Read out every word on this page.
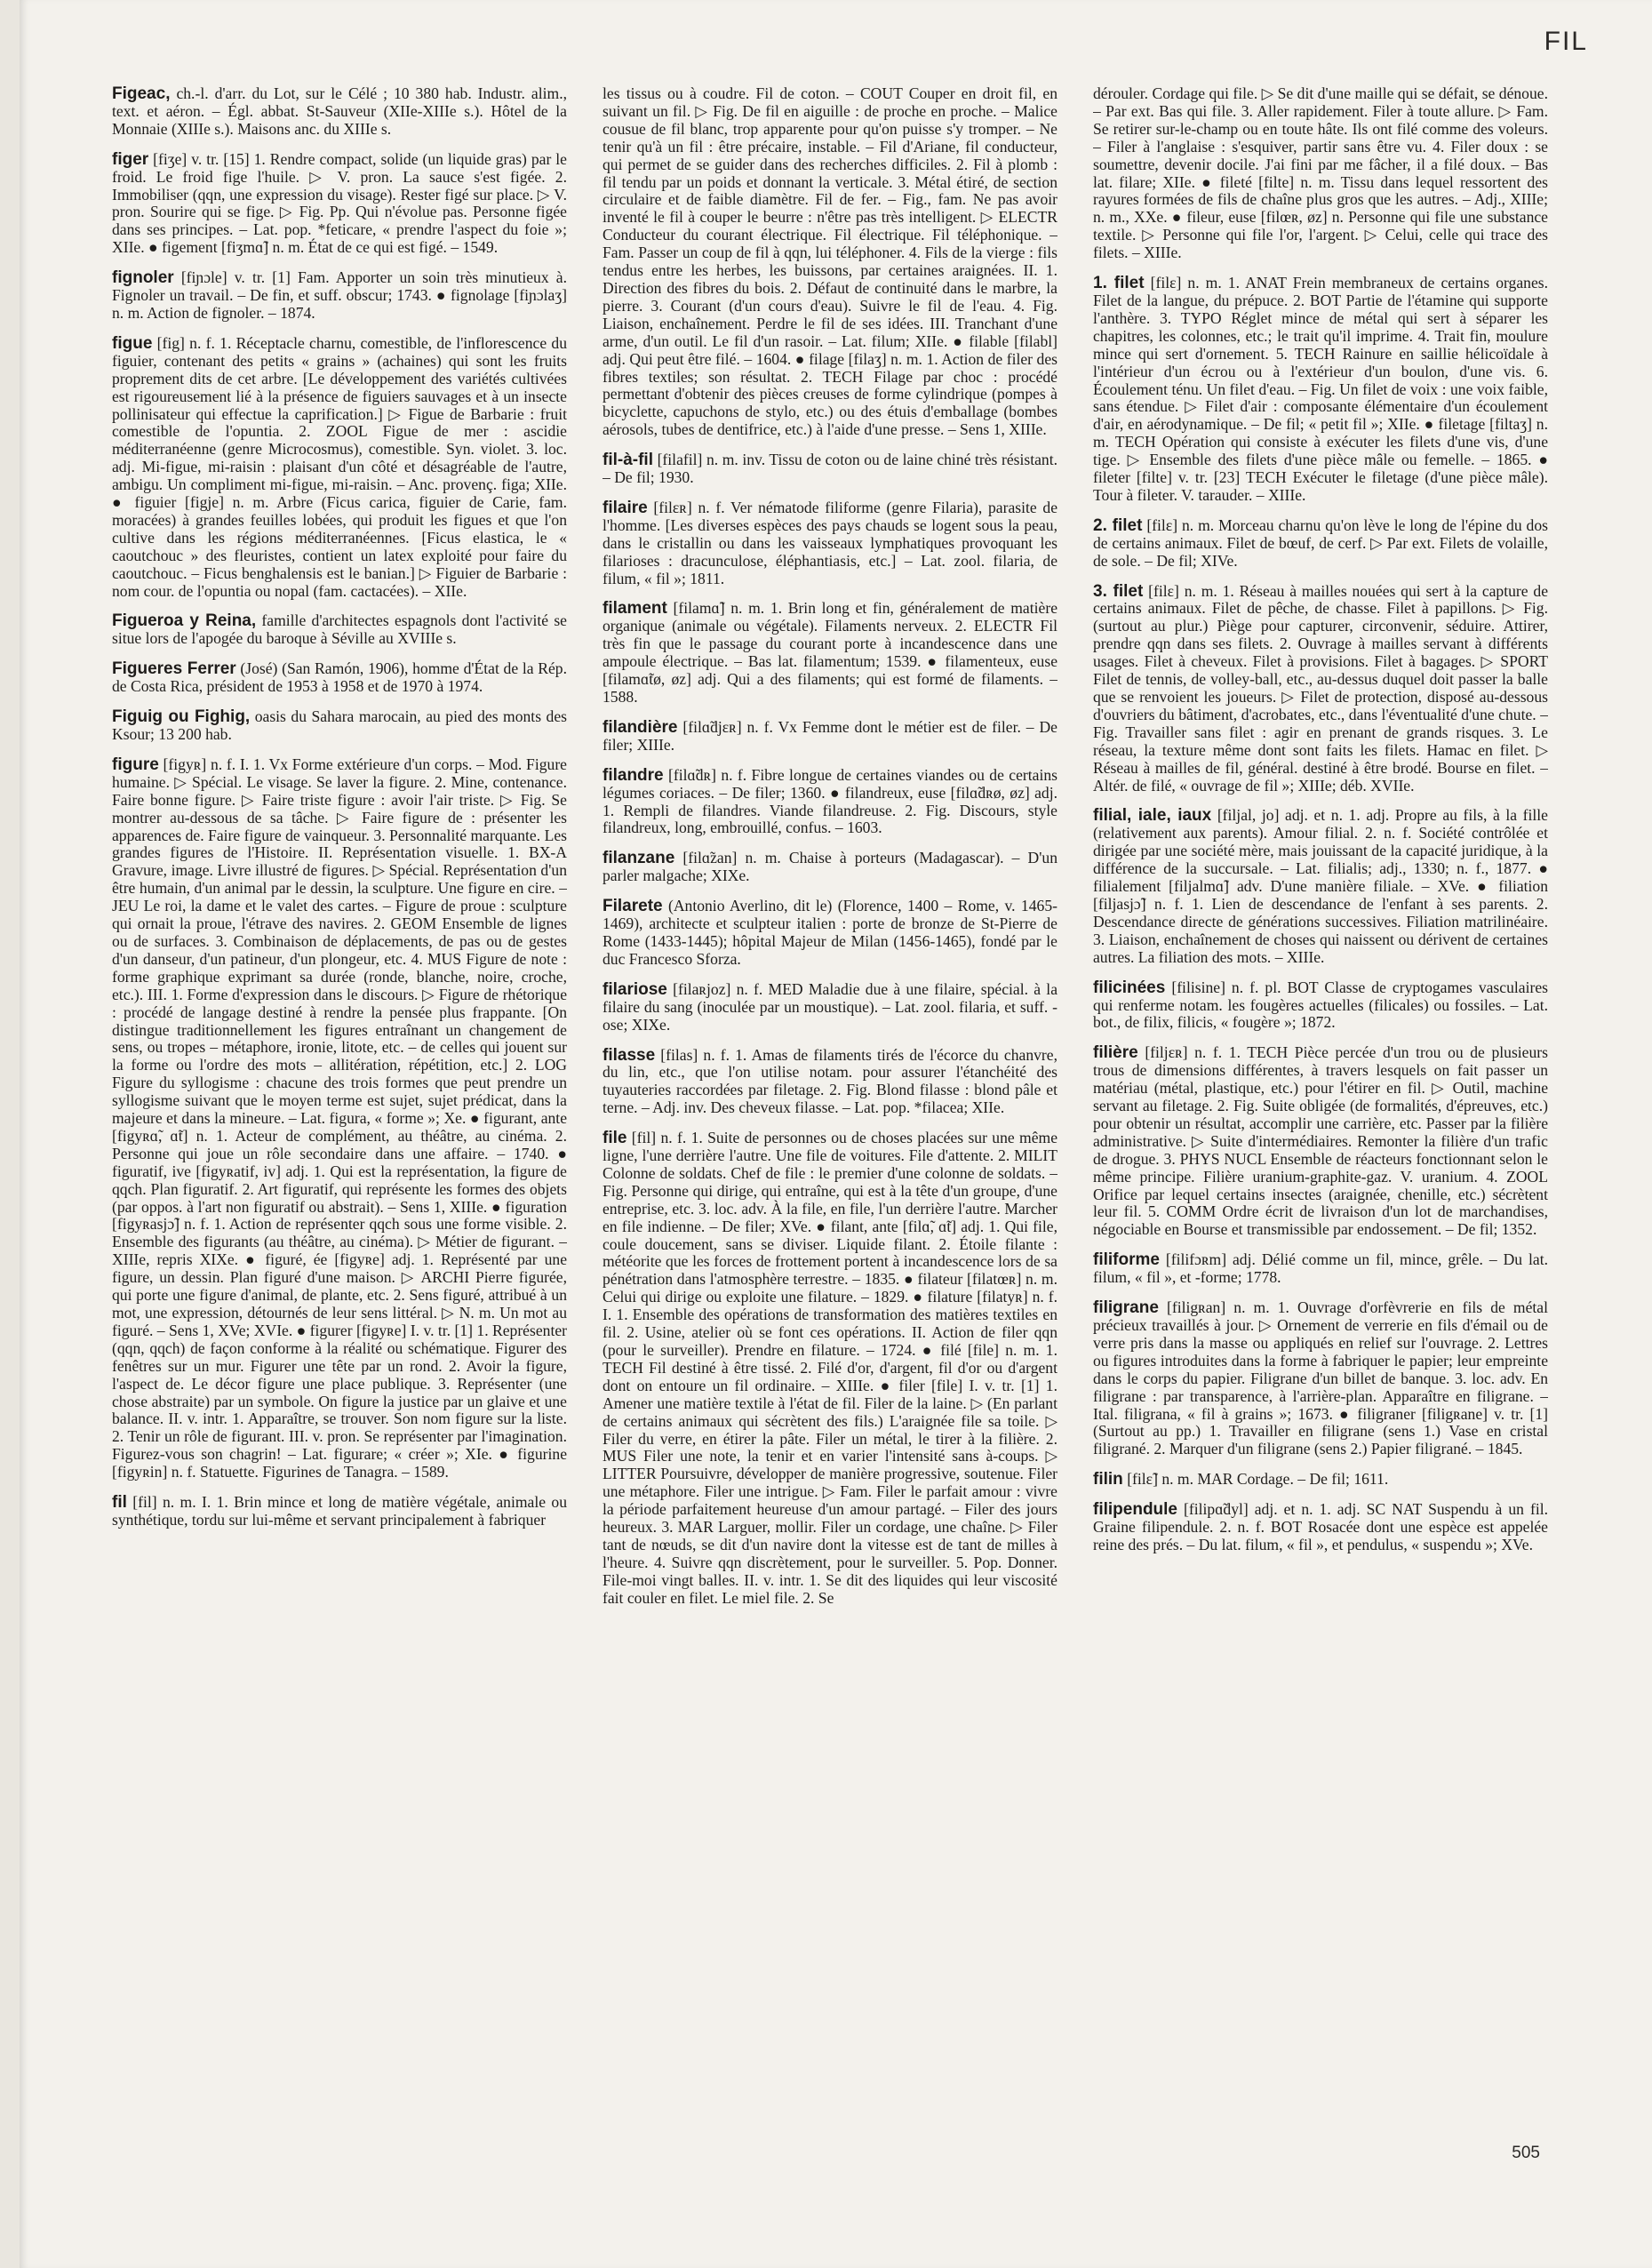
FIL

Figeac, ch.-l. d'arr. du Lot, sur le Célé ; 10 380 hab. Industr. alim., text. et aéron. – Égl. abbat. St-Sauveur (XIIe-XIIIe s.). Hôtel de la Monnaie (XIIIe s.). Maisons anc. du XIIIe s.

figer [fiʒe] v. tr. [15] 1. Rendre compact, solide (un liquide gras) par le froid. Le froid fige l'huile. ▷ V. pron. La sauce s'est figée. 2. Immobiliser (qqn, une expression du visage). Rester figé sur place. ▷ V. pron. Sourire qui se fige. ▷ Fig. Pp. Qui n'évolue pas. Personne figée dans ses principes. – Lat. pop. *feticare, « prendre l'aspect du foie »; XIIe. ● figement [fiʒmɑ̃] n. m. État de ce qui est figé. – 1549.

fignoler [fiɲɔle] v. tr. [1] Fam. Apporter un soin très minutieux à. Fignoler un travail. – De fin, et suff. obscur; 1743. ● fignolage [fiɲɔlaʒ] n. m. Action de fignoler. – 1874.

figue [fig] n. f. 1. Réceptacle charnu, comestible, de l'inflorescence du figuier, contenant des petits « grains » (achaines) qui sont les fruits proprement dits de cet arbre. [Le développement des variétés cultivées est rigoureusement lié à la présence de figuiers sauvages et à un insecte pollinisateur qui effectue la caprification.] ▷ Figue de Barbarie : fruit comestible de l'opuntia. 2. ZOOL Figue de mer : ascidie méditerranéenne (genre Microcosmus), comestible. Syn. violet. 3. loc. adj. Mi-figue, mi-raisin : plaisant d'un côté et désagréable de l'autre, ambigu. Un compliment mi-figue, mi-raisin. – Anc. provenç. figa; XIIe. ● figuier [figje] n. m. Arbre (Ficus carica, figuier de Carie, fam. moracées) à grandes feuilles lobées, qui produit les figues et que l'on cultive dans les régions méditerranéennes. [Ficus elastica, le « caoutchouc » des fleuristes, contient un latex exploité pour faire du caoutchouc. – Ficus benghalensis est le banian.] ▷ Figuier de Barbarie : nom cour. de l'opuntia ou nopal (fam. cactacées). – XIIe.

Figueroa y Reina, famille d'architectes espagnols dont l'activité se situe lors de l'apogée du baroque à Séville au XVIIIe s.

Figueres Ferrer (José) (San Ramón, 1906), homme d'État de la Rép. de Costa Rica, président de 1953 à 1958 et de 1970 à 1974.

Figuig ou Fighig, oasis du Sahara marocain, au pied des monts des Ksour; 13 200 hab.

figure [figyʀ] n. f. I. 1. Vx Forme extérieure d'un corps. – Mod. Figure humaine. ▷ Spécial. Le visage. Se laver la figure. 2. Mine, contenance. Faire bonne figure. ▷ Faire triste figure : avoir l'air triste. ▷ Fig. Se montrer au-dessous de sa tâche. ▷ Faire figure de : présenter les apparences de. Faire figure de vainqueur. 3. Personnalité marquante. Les grandes figures de l'Histoire. II. Représentation visuelle. 1. BX-A Gravure, image. Livre illustré de figures. ▷ Spécial. Représentation d'un être humain, d'un animal par le dessin, la sculpture. Une figure en cire. – JEU Le roi, la dame et le valet des cartes. – Figure de proue : sculpture qui ornait la proue, l'étrave des navires. 2. GEOM Ensemble de lignes ou de surfaces. 3. Combinaison de déplacements, de pas ou de gestes d'un danseur, d'un patineur, d'un plongeur, etc. 4. MUS Figure de note : forme graphique exprimant sa durée (ronde, blanche, noire, croche, etc.). III. 1. Forme d'expression dans le discours. ▷ Figure de rhétorique : procédé de langage destiné à rendre la pensée plus frappante. [On distingue traditionnellement les figures entraînant un changement de sens, ou tropes – métaphore, ironie, litote, etc. – de celles qui jouent sur la forme ou l'ordre des mots – allitération, répétition, etc.] 2. LOG Figure du syllogisme : chacune des trois formes que peut prendre un syllogisme suivant que le moyen terme est sujet, sujet prédicat, dans la majeure et dans la mineure. – Lat. figura, « forme »; Xe. ● figurant, ante [figyʀɑ̃, ɑ̃t] n. 1. Acteur de complément, au théâtre, au cinéma. 2. Personne qui joue un rôle secondaire dans une affaire. – 1740. ● figuratif, ive [figyʀatif, iv] adj. 1. Qui est la représentation, la figure de qqch. Plan figuratif. 2. Art figuratif, qui représente les formes des objets (par oppos. à l'art non figuratif ou abstrait). – Sens 1, XIIIe. ● figuration [figyʀasjɔ̃] n. f. 1. Action de représenter qqch sous une forme visible. 2. Ensemble des figurants (au théâtre, au cinéma). ▷ Métier de figurant. – XIIIe, repris XIXe. ● figuré, ée [figyʀe] adj. 1. Représenté par une figure, un dessin. Plan figuré d'une maison. ▷ ARCHI Pierre figurée, qui porte une figure d'animal, de plante, etc. 2. Sens figuré, attribué à un mot, une expression, détournés de leur sens littéral. ▷ N. m. Un mot au figuré. – Sens 1, XVe; XVIe. ● figurer [figyʀe] I. v. tr. [1] 1. Représenter (qqn, qqch) de façon conforme à la réalité ou schématique. Figurer des fenêtres sur un mur. Figurer une tête par un rond. 2. Avoir la figure, l'aspect de. Le décor figure une place publique. 3. Représenter (une chose abstraite) par un symbole. On figure la justice par un glaive et une balance. II. v. intr. 1. Apparaître, se trouver. Son nom figure sur la liste. 2. Tenir un rôle de figurant. III. v. pron. Se représenter par l'imagination. Figurez-vous son chagrin! – Lat. figurare; « créer »; XIe. ● figurine [figyʀin] n. f. Statuette. Figurines de Tanagra. – 1589.

fil [fil] n. m. I. 1. Brin mince et long de matière végétale, animale ou synthétique, tordu sur lui-même et servant principalement à fabriquer

les tissus ou à coudre. Fil de coton. – COUT Couper en droit fil, en suivant un fil. ▷ Fig. De fil en aiguille : de proche en proche. – Malice cousue de fil blanc, trop apparente pour qu'on puisse s'y tromper. – Ne tenir qu'à un fil : être précaire, instable. – Fil d'Ariane, fil conducteur, qui permet de se guider dans des recherches difficiles. 2. Fil à plomb : fil tendu par un poids et donnant la verticale. 3. Métal étiré, de section circulaire et de faible diamètre. Fil de fer. – Fig., fam. Ne pas avoir inventé le fil à couper le beurre : n'être pas très intelligent. ▷ ELECTR Conducteur du courant électrique. Fil électrique. Fil téléphonique. – Fam. Passer un coup de fil à qqn, lui téléphoner. 4. Fils de la vierge : fils tendus entre les herbes, les buissons, par certaines araignées. II. 1. Direction des fibres du bois. 2. Défaut de continuité dans le marbre, la pierre. 3. Courant (d'un cours d'eau). Suivre le fil de l'eau. 4. Fig. Liaison, enchaînement. Perdre le fil de ses idées. III. Tranchant d'une arme, d'un outil. Le fil d'un rasoir. – Lat. filum; XIIe. ● filable [filabl] adj. Qui peut être filé. – 1604. ● filage [filaʒ] n. m. 1. Action de filer des fibres textiles; son résultat. 2. TECH Filage par choc : procédé permettant d'obtenir des pièces creuses de forme cylindrique (pompes à bicyclette, capuchons de stylo, etc.) ou des étuis d'emballage (bombes aérosols, tubes de dentifrice, etc.) à l'aide d'une presse. – Sens 1, XIIIe.

fil-à-fil [filafil] n. m. inv. Tissu de coton ou de laine chiné très résistant. – De fil; 1930.

filaire [filɛʀ] n. f. Ver nématode filiforme (genre Filaria), parasite de l'homme. [Les diverses espèces des pays chauds se logent sous la peau, dans le cristallin ou dans les vaisseaux lymphatiques provoquant les filarioses : dracunculose, éléphantiasis, etc.] – Lat. zool. filaria, de filum, « fil »; 1811.

filament [filamɑ̃] n. m. 1. Brin long et fin, généralement de matière organique (animale ou végétale). Filaments nerveux. 2. ELECTR Fil très fin que le passage du courant porte à incandescence dans une ampoule électrique. – Bas lat. filamentum; 1539. ● filamenteux, euse [filamɑ̃tø, øz] adj. Qui a des filaments; qui est formé de filaments. – 1588.

filandière [filɑ̃djɛʀ] n. f. Vx Femme dont le métier est de filer. – De filer; XIIIe.

filandre [filɑ̃dʀ] n. f. Fibre longue de certaines viandes ou de certains légumes coriaces. – De filer; 1360. ● filandreux, euse [filɑ̃dʀø, øz] adj. 1. Rempli de filandres. Viande filandreuse. 2. Fig. Discours, style filandreux, long, embrouillé, confus. – 1603.

filanzane [filɑ̃zan] n. m. Chaise à porteurs (Madagascar). – D'un parler malgache; XIXe.

Filarete (Antonio Averlino, dit le) (Florence, 1400 – Rome, v. 1465-1469), architecte et sculpteur italien : porte de bronze de St-Pierre de Rome (1433-1445); hôpital Majeur de Milan (1456-1465), fondé par le duc Francesco Sforza.

filariose [filaʀjoz] n. f. MED Maladie due à une filaire, spécial. à la filaire du sang (inoculée par un moustique). – Lat. zool. filaria, et suff. -ose; XIXe.

filasse [filas] n. f. 1. Amas de filaments tirés de l'écorce du chanvre, du lin, etc., que l'on utilise notam. pour assurer l'étanchéité des tuyauteries raccordées par filetage. 2. Fig. Blond filasse : blond pâle et terne. – Adj. inv. Des cheveux filasse. – Lat. pop. *filacea; XIIe.

file [fil] n. f. 1. Suite de personnes ou de choses placées sur une même ligne, l'une derrière l'autre. Une file de voitures. File d'attente. 2. MILIT Colonne de soldats. Chef de file : le premier d'une colonne de soldats. – Fig. Personne qui dirige, qui entraîne, qui est à la tête d'un groupe, d'une entreprise, etc. 3. loc. adv. À la file, en file, l'un derrière l'autre. Marcher en file indienne. – De filer; XVe. ● filant, ante [filɑ̃, ɑ̃t] adj. 1. Qui file, coule doucement, sans se diviser. Liquide filant. 2. Étoile filante : météorite que les forces de frottement portent à incandescence lors de sa pénétration dans l'atmosphère terrestre. – 1835. ● filateur [filatœʀ] n. m. Celui qui dirige ou exploite une filature. – 1829. ● filature [filatyʀ] n. f. I. 1. Ensemble des opérations de transformation des matières textiles en fil. 2. Usine, atelier où se font ces opérations. II. Action de filer qqn (pour le surveiller). Prendre en filature. – 1724. ● filé [file] n. m. 1. TECH Fil destiné à être tissé. 2. Filé d'or, d'argent, fil d'or ou d'argent dont on entoure un fil ordinaire. – XIIIe. ● filer [file] I. v. tr. [1] 1. Amener une matière textile à l'état de fil. Filer de la laine. ▷ (En parlant de certains animaux qui sécrètent des fils.) L'araignée file sa toile. ▷ Filer du verre, en étirer la pâte. Filer un métal, le tirer à la filière. 2. MUS Filer une note, la tenir et en varier l'intensité sans à-coups. ▷ LITTER Poursuivre, développer de manière progressive, soutenue. Filer une métaphore. Filer une intrigue. ▷ Fam. Filer le parfait amour : vivre la période parfaitement heureuse d'un amour partagé. – Filer des jours heureux. 3. MAR Larguer, mollir. Filer un cordage, une chaîne. ▷ Filer tant de nœuds, se dit d'un navire dont la vitesse est de tant de milles à l'heure. 4. Suivre qqn discrètement, pour le surveiller. 5. Pop. Donner. File-moi vingt balles. II. v. intr. 1. Se dit des liquides qui leur viscosité fait couler en filet. Le miel file. 2. Se

dérouler. Cordage qui file. ▷ Se dit d'une maille qui se défait, se dénoue. – Par ext. Bas qui file. 3. Aller rapidement. Filer à toute allure. ▷ Fam. Se retirer sur-le-champ ou en toute hâte. Ils ont filé comme des voleurs. – Filer à l'anglaise : s'esquiver, partir sans être vu. 4. Filer doux : se soumettre, devenir docile. J'ai fini par me fâcher, il a filé doux. – Bas lat. filare; XIIe. ● fileté [filte] n. m. Tissu dans lequel ressortent des rayures formées de fils de chaîne plus gros que les autres. – Adj., XIIIe; n. m., XXe. ● fileur, euse [filœʀ, øz] n. Personne qui file une substance textile. ▷ Personne qui file l'or, l'argent. ▷ Celui, celle qui trace des filets. – XIIIe.

1. filet [filɛ] n. m. 1. ANAT Frein membraneux de certains organes. Filet de la langue, du prépuce. 2. BOT Partie de l'étamine qui supporte l'anthère. 3. TYPO Réglet mince de métal qui sert à séparer les chapitres, les colonnes, etc.; le trait qu'il imprime. 4. Trait fin, moulure mince qui sert d'ornement. 5. TECH Rainure en saillie hélicoïdale à l'intérieur d'un écrou ou à l'extérieur d'un boulon, d'une vis. 6. Écoulement ténu. Un filet d'eau. – Fig. Un filet de voix : une voix faible, sans étendue. ▷ Filet d'air : composante élémentaire d'un écoulement d'air, en aérodynamique. – De fil; « petit fil »; XIIe. ● filetage [filtaʒ] n. m. TECH Opération qui consiste à exécuter les filets d'une vis, d'une tige. ▷ Ensemble des filets d'une pièce mâle ou femelle. – 1865. ● fileter [filte] v. tr. [23] TECH Exécuter le filetage (d'une pièce mâle). Tour à fileter. V. tarauder. – XIIIe.

2. filet [filɛ] n. m. Morceau charnu qu'on lève le long de l'épine du dos de certains animaux. Filet de bœuf, de cerf. ▷ Par ext. Filets de volaille, de sole. – De fil; XIVe.

3. filet [filɛ] n. m. 1. Réseau à mailles nouées qui sert à la capture de certains animaux. Filet de pêche, de chasse. Filet à papillons. ▷ Fig. (surtout au plur.) Piège pour capturer, circonvenir, séduire. Attirer, prendre qqn dans ses filets. 2. Ouvrage à mailles servant à différents usages. Filet à cheveux. Filet à provisions. Filet à bagages. ▷ SPORT Filet de tennis, de volley-ball, etc., au-dessus duquel doit passer la balle que se renvoient les joueurs. ▷ Filet de protection, disposé au-dessous d'ouvriers du bâtiment, d'acrobates, etc., dans l'éventualité d'une chute. – Fig. Travailler sans filet : agir en prenant de grands risques. 3. Le réseau, la texture même dont sont faits les filets. Hamac en filet. ▷ Réseau à mailles de fil, général. destiné à être brodé. Bourse en filet. – Altér. de filé, « ouvrage de fil »; XIIIe; déb. XVIIe.

filial, iale, iaux [filjal, jo] adj. et n. 1. adj. Propre au fils, à la fille (relativement aux parents). Amour filial. 2. n. f. Société contrôlée et dirigée par une société mère, mais jouissant de la capacité juridique, à la différence de la succursale. – Lat. filialis; adj., 1330; n. f., 1877. ● filialement [filjalmɑ̃] adv. D'une manière filiale. – XVe. ● filiation [filjasjɔ̃] n. f. 1. Lien de descendance de l'enfant à ses parents. 2. Descendance directe de générations successives. Filiation matrilinéaire. 3. Liaison, enchaînement de choses qui naissent ou dérivent de certaines autres. La filiation des mots. – XIIIe.

filicinées [filisine] n. f. pl. BOT Classe de cryptogames vasculaires qui renferme notam. les fougères actuelles (filicales) ou fossiles. – Lat. bot., de filix, filicis, « fougère »; 1872.

filière [filjɛʀ] n. f. 1. TECH Pièce percée d'un trou ou de plusieurs trous de dimensions différentes, à travers lesquels on fait passer un matériau (métal, plastique, etc.) pour l'étirer en fil. ▷ Outil, machine servant au filetage. 2. Fig. Suite obligée (de formalités, d'épreuves, etc.) pour obtenir un résultat, accomplir une carrière, etc. Passer par la filière administrative. ▷ Suite d'intermédiaires. Remonter la filière d'un trafic de drogue. 3. PHYS NUCL Ensemble de réacteurs fonctionnant selon le même principe. Filière uranium-graphite-gaz. V. uranium. 4. ZOOL Orifice par lequel certains insectes (araignée, chenille, etc.) sécrètent leur fil. 5. COMM Ordre écrit de livraison d'un lot de marchandises, négociable en Bourse et transmissible par endossement. – De fil; 1352.

filiforme [filifɔʀm] adj. Délié comme un fil, mince, grêle. – Du lat. filum, « fil », et -forme; 1778.

filigrane [filigʀan] n. m. 1. Ouvrage d'orfèvrerie en fils de métal précieux travaillés à jour. ▷ Ornement de verrerie en fils d'émail ou de verre pris dans la masse ou appliqués en relief sur l'ouvrage. 2. Lettres ou figures introduites dans la forme à fabriquer le papier; leur empreinte dans le corps du papier. Filigrane d'un billet de banque. 3. loc. adv. En filigrane : par transparence, à l'arrière-plan. Apparaître en filigrane. – Ital. filigrana, « fil à grains »; 1673. ● filigraner [filigʀane] v. tr. [1] (Surtout au pp.) 1. Travailler en filigrane (sens 1.) Vase en cristal filigrané. 2. Marquer d'un filigrane (sens 2.) Papier filigrané. – 1845.

filin [filɛ̃] n. m. MAR Cordage. – De fil; 1611.

filipendule [filipɑ̃dyl] adj. et n. 1. adj. SC NAT Suspendu à un fil. Graine filipendule. 2. n. f. BOT Rosacée dont une espèce est appelée reine des prés. – Du lat. filum, « fil », et pendulus, « suspendu »; XVe.

505
